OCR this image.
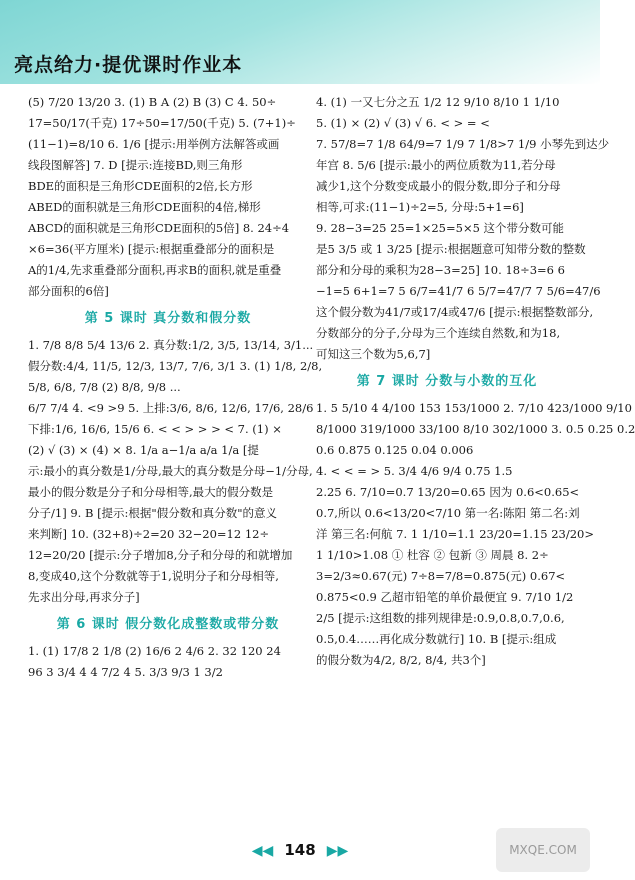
亮点给力·提优课时作业本
(5) 7/20 13/20 3. (1) B A (2) B (3) C 4. 50÷
17=50/17(千克) 17÷50=17/50(千克) 5. (7+1)÷
(11−1)=8/10 6. 1/6 [提示:用举例方法解答或画
线段图解答] 7. D [提示:连接BD,则三角形
BDE的面积是三角形CDE面积的2倍,长方形
ABED的面积就是三角形CDE面积的4倍,梯形
ABCD的面积就是三角形CDE面积的5倍] 8. 24÷4
×6=36(平方厘米) [提示:根据重叠部分的面积是
A的1/4,先求重叠部分面积,再求B的面积,就是重叠
部分面积的6倍]
第 5 课时 真分数和假分数
1. 7/8 8/8 5/4 13/6 2. 真分数:1/2, 3/5, 13/14, 3/1...
假分数:4/4, 11/5, 12/3, 13/7, 7/6, 3/1 3. (1) 1/8, 2/8,
5/8, 6/8, 7/8 (2) 8/8, 9/8 ...
6/7 7/4 4. <9 >9 5. 上排:3/6, 8/6, 12/6, 17/6, 28/6
下排:1/6, 16/6, 15/6 6. < < > > > < 7. (1) ×
(2) √ (3) × (4) × 8. 1/a a−1/a a/a 1/a [提
示:最小的真分数是1/分母,最大的真分数是分母−1/分母,
最小的假分数是分子和分母相等,最大的假分数是
分子/1] 9. B [提示:根据"假分数和真分数"的意义
来判断] 10. (32+8)÷2=20 32−20=12 12÷
12=20/20 [提示:分子增加8,分子和分母的和就增加
8,变成40,这个分数就等于1,说明分子和分母相等,
先求出分母,再求分子]
第 6 课时 假分数化成整数或带分数
1. (1) 17/8 2 1/8 (2) 16/6 2 4/6 2. 32 120 24
96 3 3/4 4 4 7/2 4 5. 3/3 9/3 1 3/2
4. (1) 一又七分之五 1/2 12 9/10 8/10 1 1/10
5. (1) × (2) √ (3) √ 6. < > = <
7. 57/8=7 1/8 64/9=7 1/9 7 1/8>7 1/9 小琴先到达少
年宫 8. 5/6 [提示:最小的两位质数为11,若分母
减少1,这个分数变成最小的假分数,即分子和分母
相等,可求:(11−1)÷2=5, 分母:5+1=6]
9. 28−3=25 25=1×25=5×5 这个带分数可能
是5 3/5 或 1 3/25 [提示:根据题意可知带分数的整数
部分和分母的乘积为28−3=25] 10. 18÷3=6 6
−1=5 6+1=7 5 6/7=41/7 6 5/7=47/7 7 5/6=47/6
这个假分数为41/7或17/4或47/6 [提示:根据整数部分,
分数部分的分子,分母为三个连续自然数,和为18,
可知这三个数为5,6,7]
第 7 课时 分数与小数的互化
1. 5 5/10 4 4/100 153 153/1000 2. 7/10 423/1000 9/10
8/1000 319/1000 33/100 8/10 302/1000 3. 0.5 0.25 0.2
0.6 0.875 0.125 0.04 0.006
4. < < = > 5. 3/4 4/6 9/4 0.75 1.5
2.25 6. 7/10=0.7 13/20=0.65 因为 0.6<0.65<
0.7,所以 0.6<13/20<7/10 第一名:陈阳 第二名:刘
洋 第三名:何航 7. 1 1/10=1.1 23/20=1.15 23/20>
1 1/10>1.08 ① 杜容 ② 包新 ③ 周晨 8. 2÷
3=2/3≈0.67(元) 7÷8=7/8=0.875(元) 0.67<
0.875<0.9 乙超市铅笔的单价最便宜 9. 7/10 1/2
2/5 [提示:这组数的排列规律是:0.9,0.8,0.7,0.6,
0.5,0.4……再化成分数就行] 10. B [提示:组成
的假分数为4/2, 8/2, 8/4, 共3个]
◀◀ 148 ▶▶	MXQE.COM
